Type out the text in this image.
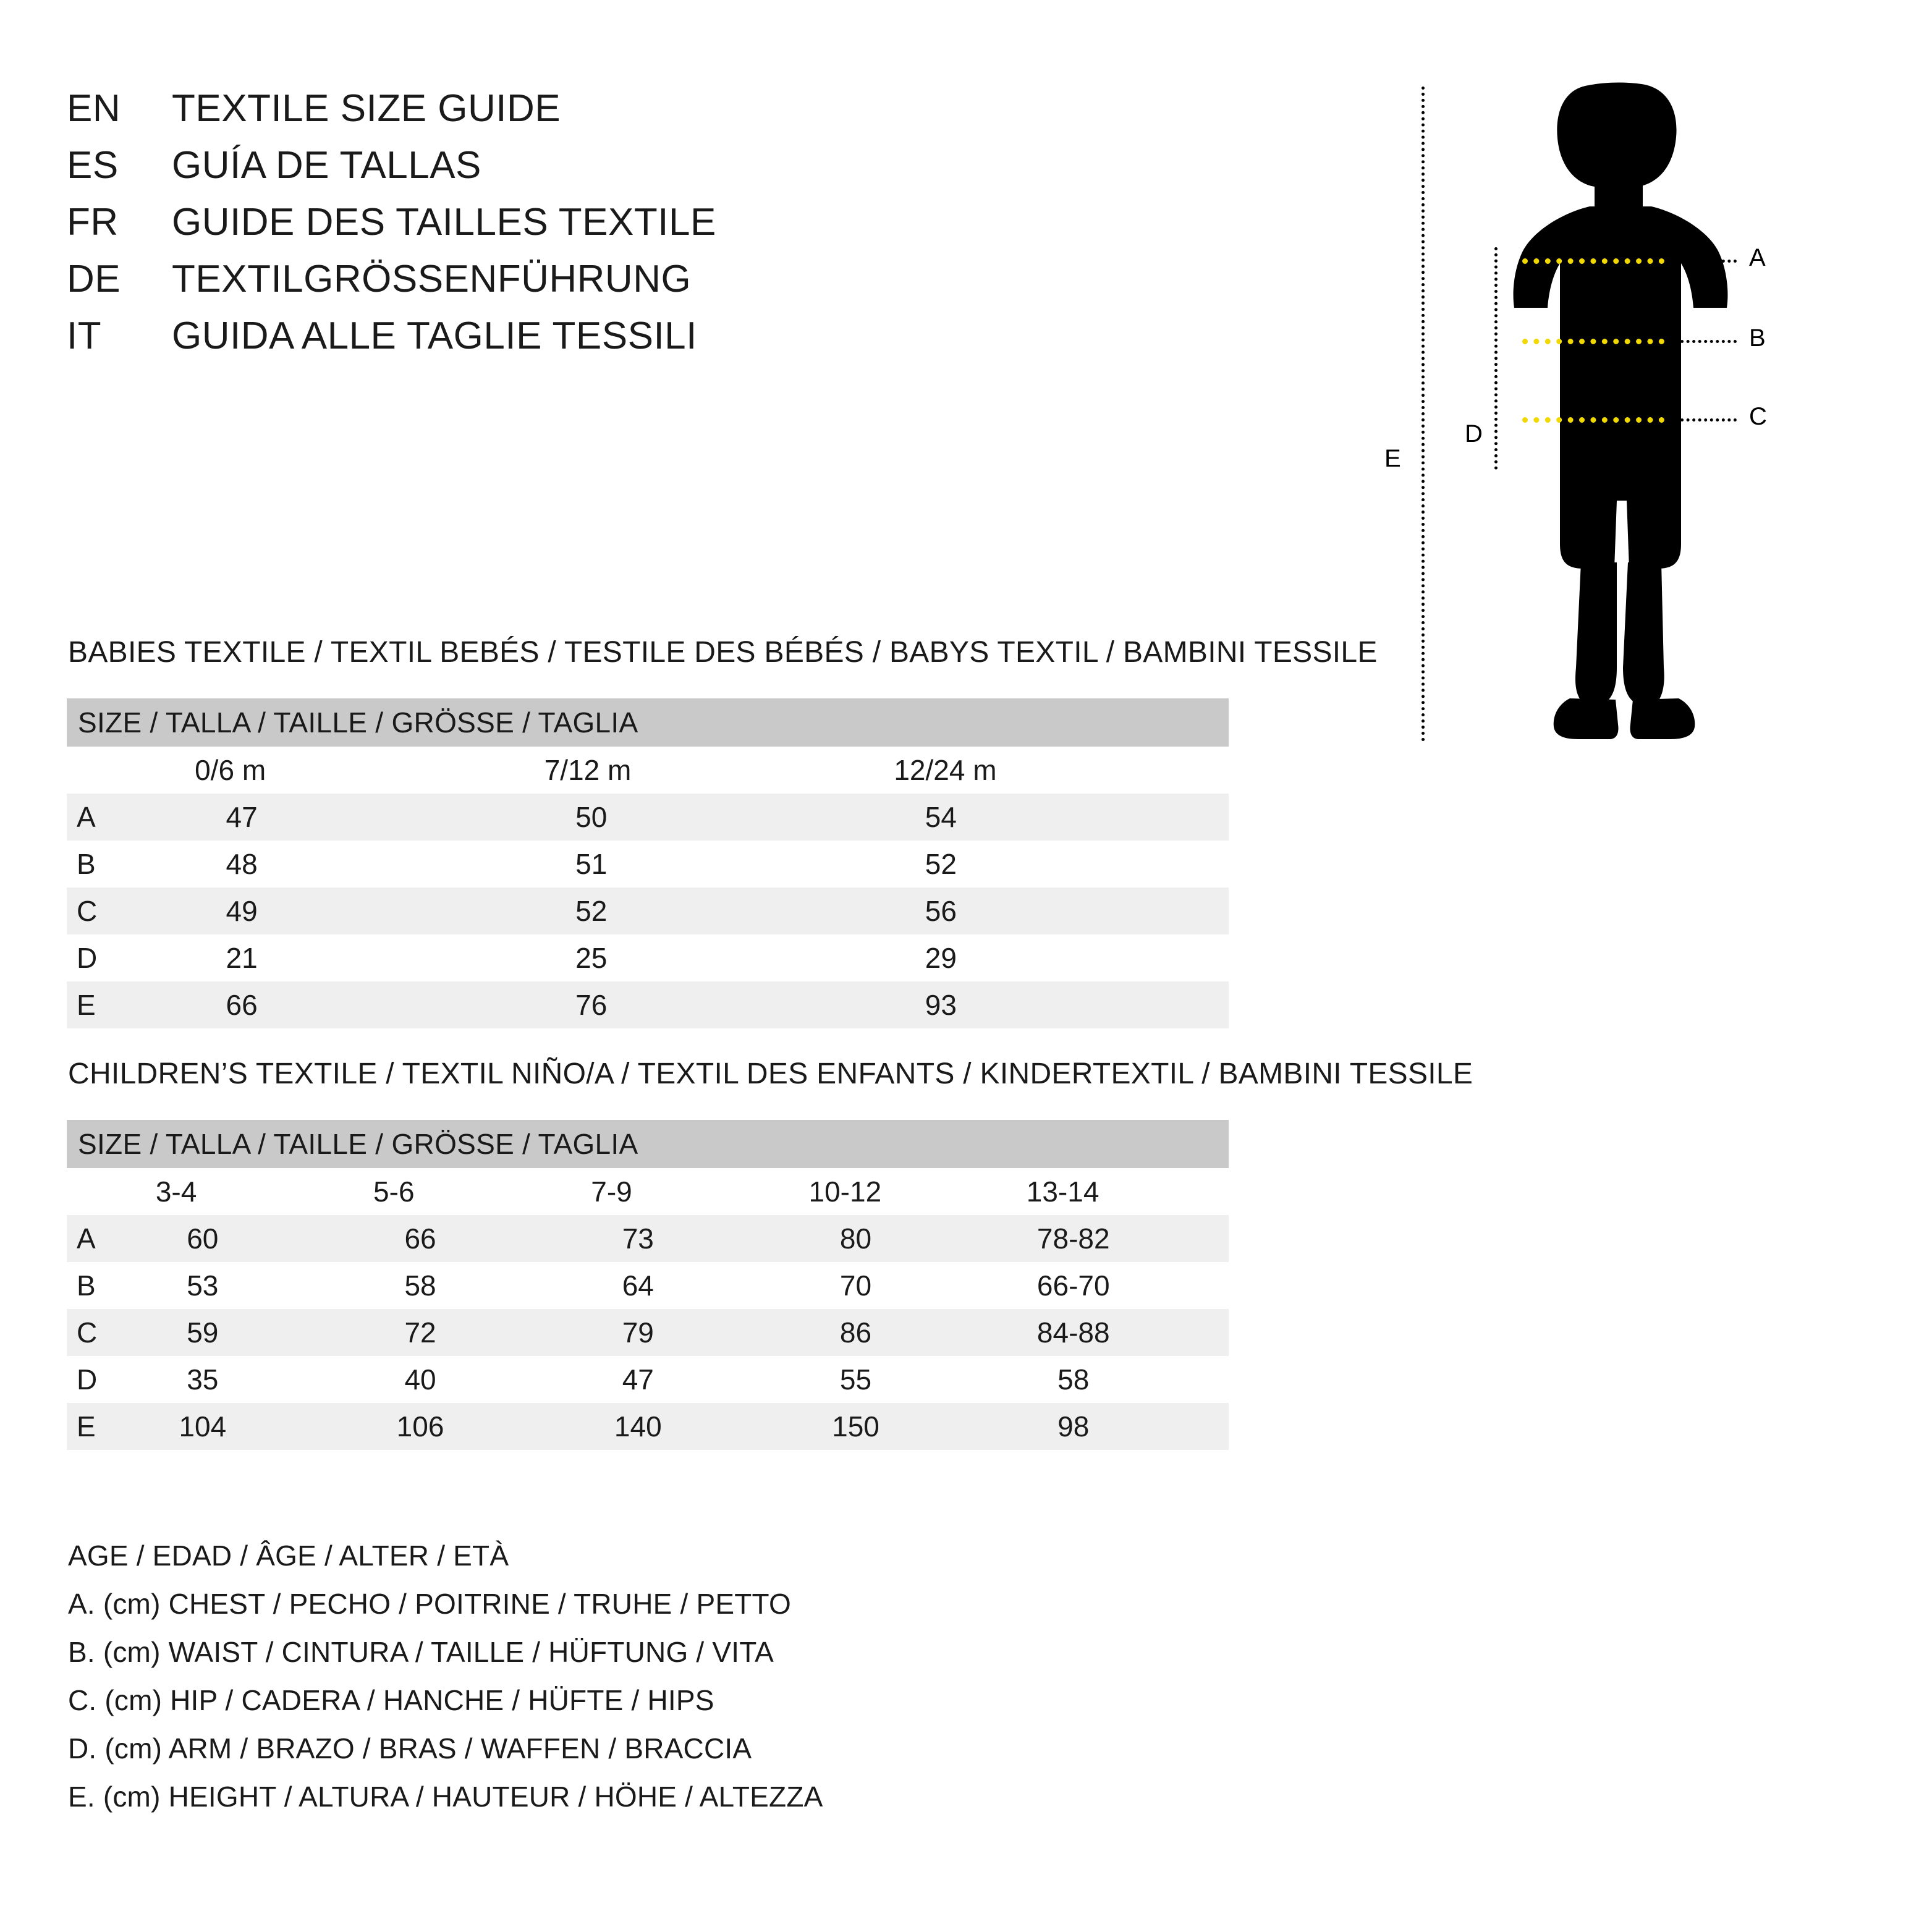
EN	TEXTILE SIZE GUIDE
ES	GUÍA DE TALLAS
FR	GUIDE DES TAILLES TEXTILE
DE	TEXTILGRÖSSENFÜHRUNG
IT	GUIDA ALLE TAGLIE TESSILI
E
D
A
B
C
BABIES TEXTILE / TEXTIL BEBÉS / TESTILE DES BÉBÉS / BABYS TEXTIL / BAMBINI TESSILE
SIZE / TALLA / TAILLE / GRÖSSE / TAGLIA			

	0/6 m	7/12 m	12/24 m

A	47	50	54

B	48	51	52

C	49	52	56

D	21	25	29

E	66	76	93
CHILDREN’S TEXTILE / TEXTIL NIÑO/A / TEXTIL DES ENFANTS / KINDERTEXTIL / BAMBINI TESSILE
SIZE / TALLA / TAILLE / GRÖSSE / TAGLIA					

	3-4	5-6	7-9	10-12	13-14

A	60	66	73	80	78-82

B	53	58	64	70	66-70

C	59	72	79	86	84-88

D	35	40	47	55	58

E	104	106	140	150	98
AGE / EDAD / ÂGE / ALTER / ETÀ
A. (cm) CHEST / PECHO / POITRINE / TRUHE / PETTO
B. (cm) WAIST / CINTURA / TAILLE / HÜFTUNG / VITA
C. (cm) HIP / CADERA / HANCHE / HÜFTE / HIPS
D. (cm) ARM / BRAZO / BRAS / WAFFEN / BRACCIA
E. (cm) HEIGHT / ALTURA / HAUTEUR / HÖHE / ALTEZZA
